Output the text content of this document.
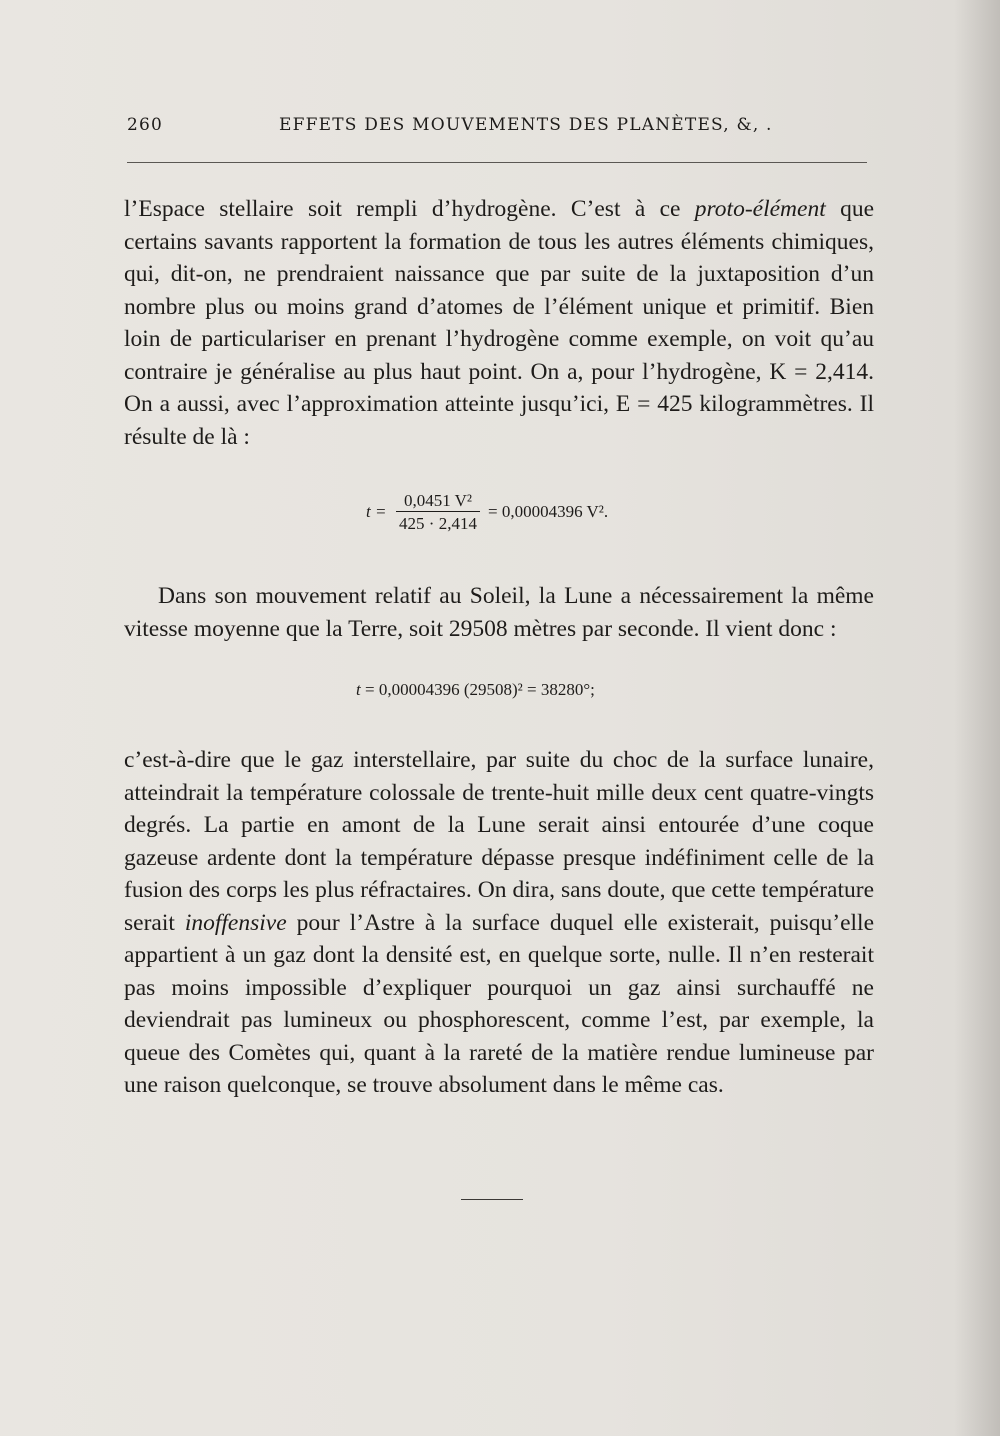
260	EFFETS DES MOUVEMENTS DES PLANÈTES, &, .

l’Espace stellaire soit rempli d’hydrogène. C’est à ce proto-élément que certains savants rapportent la formation de tous les autres éléments chimiques, qui, dit-on, ne prendraient naissance que par suite de la juxtaposition d’un nombre plus ou moins grand d’atomes de l’élément unique et primitif. Bien loin de particulariser en prenant l’hydrogène comme exemple, on voit qu’au contraire je généralise au plus haut point. On a, pour l’hydrogène, K = 2,414. On a aussi, avec l’approximation atteinte jusqu’ici, E = 425 kilogrammètres. Il résulte de là :

t =
0,0451 V²
425 · 2,414
= 0,00004396 V².

Dans son mouvement relatif au Soleil, la Lune a nécessairement la même vitesse moyenne que la Terre, soit 29508 mètres par seconde. Il vient donc :

t = 0,00004396 (29508)² = 38280°;

c’est-à-dire que le gaz interstellaire, par suite du choc de la surface lunaire, atteindrait la température colossale de trente-huit mille deux cent quatre-vingts degrés. La partie en amont de la Lune serait ainsi entourée d’une coque gazeuse ardente dont la température dépasse presque indéfiniment celle de la fusion des corps les plus réfractaires. On dira, sans doute, que cette température serait inoffensive pour l’Astre à la surface duquel elle existerait, puisqu’elle appartient à un gaz dont la densité est, en quelque sorte, nulle. Il n’en resterait pas moins impossible d’expliquer pourquoi un gaz ainsi surchauffé ne deviendrait pas lumineux ou phosphorescent, comme l’est, par exemple, la queue des Comètes qui, quant à la rareté de la matière rendue lumineuse par une raison quelconque, se trouve absolument dans le même cas.
